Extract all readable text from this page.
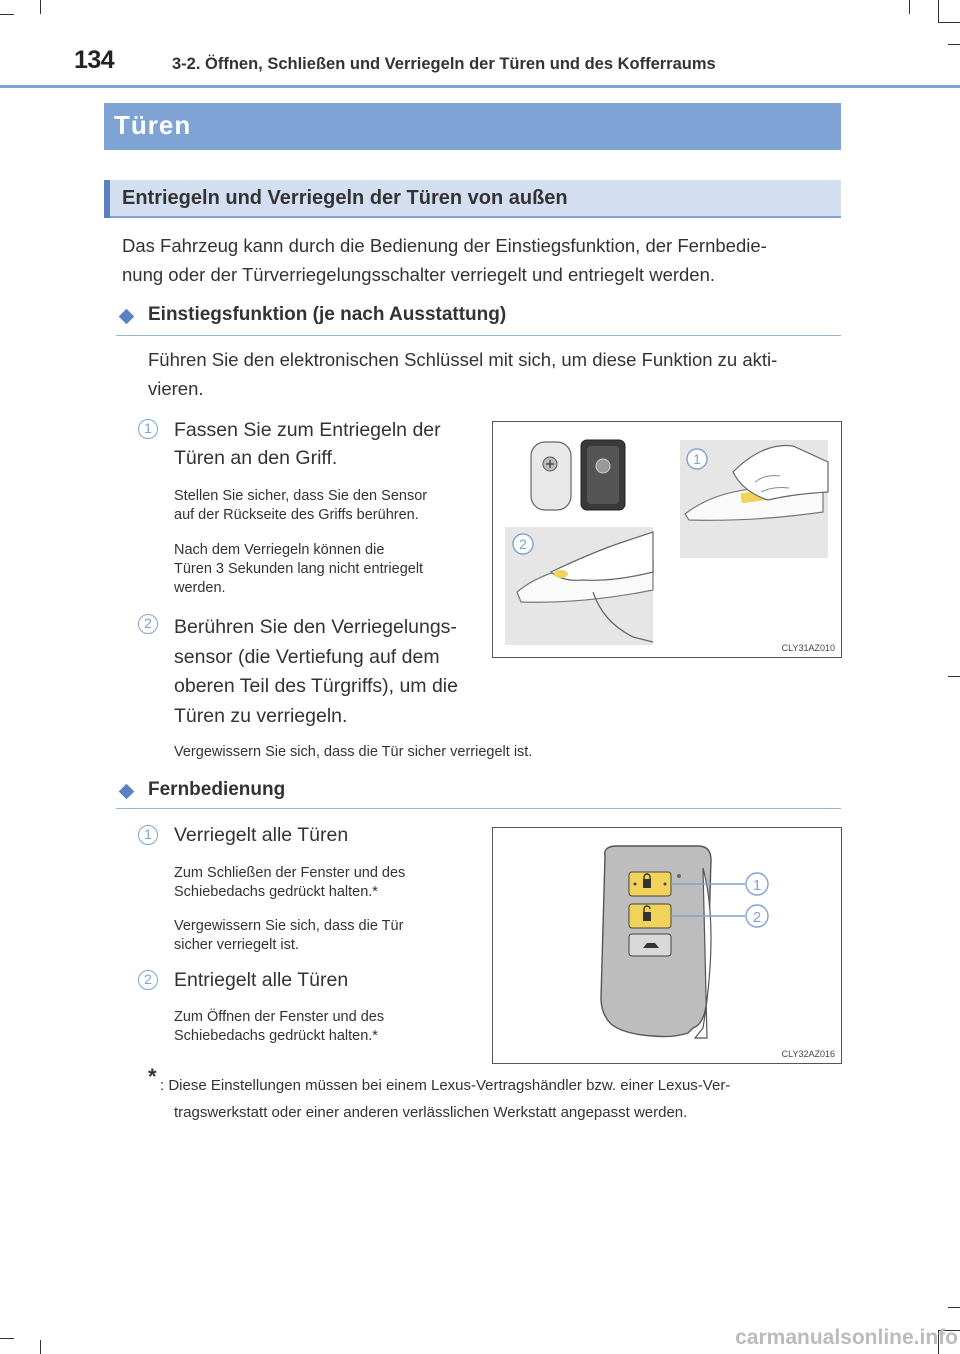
134	3-2. Öffnen, Schließen und Verriegeln der Türen und des Kofferraums
Türen
Entriegeln und Verriegeln der Türen von außen
Das Fahrzeug kann durch die Bedienung der Einstiegsfunktion, der Fernbedie-
nung oder der Türverriegelungsschalter verriegelt und entriegelt werden.
Einstiegsfunktion (je nach Ausstattung)
Führen Sie den elektronischen Schlüssel mit sich, um diese Funktion zu akti-
vieren.
1	Fassen Sie zum Entriegeln der
Türen an den Griff.
Stellen Sie sicher, dass Sie den Sensor
auf der Rückseite des Griffs berühren.
Nach dem Verriegeln können die
Türen 3 Sekunden lang nicht entriegelt
werden.
2	Berühren Sie den Verriegelungs-
sensor (die Vertiefung auf dem
oberen Teil des Türgriffs), um die
Türen zu verriegeln.
Vergewissern Sie sich, dass die Tür sicher verriegelt ist.
1
2
CLY31AZ010
Fernbedienung
1	Verriegelt alle Türen
Zum Schließen der Fenster und des
Schiebedachs gedrückt halten.*
Vergewissern Sie sich, dass die Tür
sicher verriegelt ist.
2	Entriegelt alle Türen
Zum Öffnen der Fenster und des
Schiebedachs gedrückt halten.*
1
2
CLY32AZ016
* : Diese Einstellungen müssen bei einem Lexus-Vertragshändler bzw. einer Lexus-Ver-
tragswerkstatt oder einer anderen verlässlichen Werkstatt angepasst werden.
carmanualsonline.info
